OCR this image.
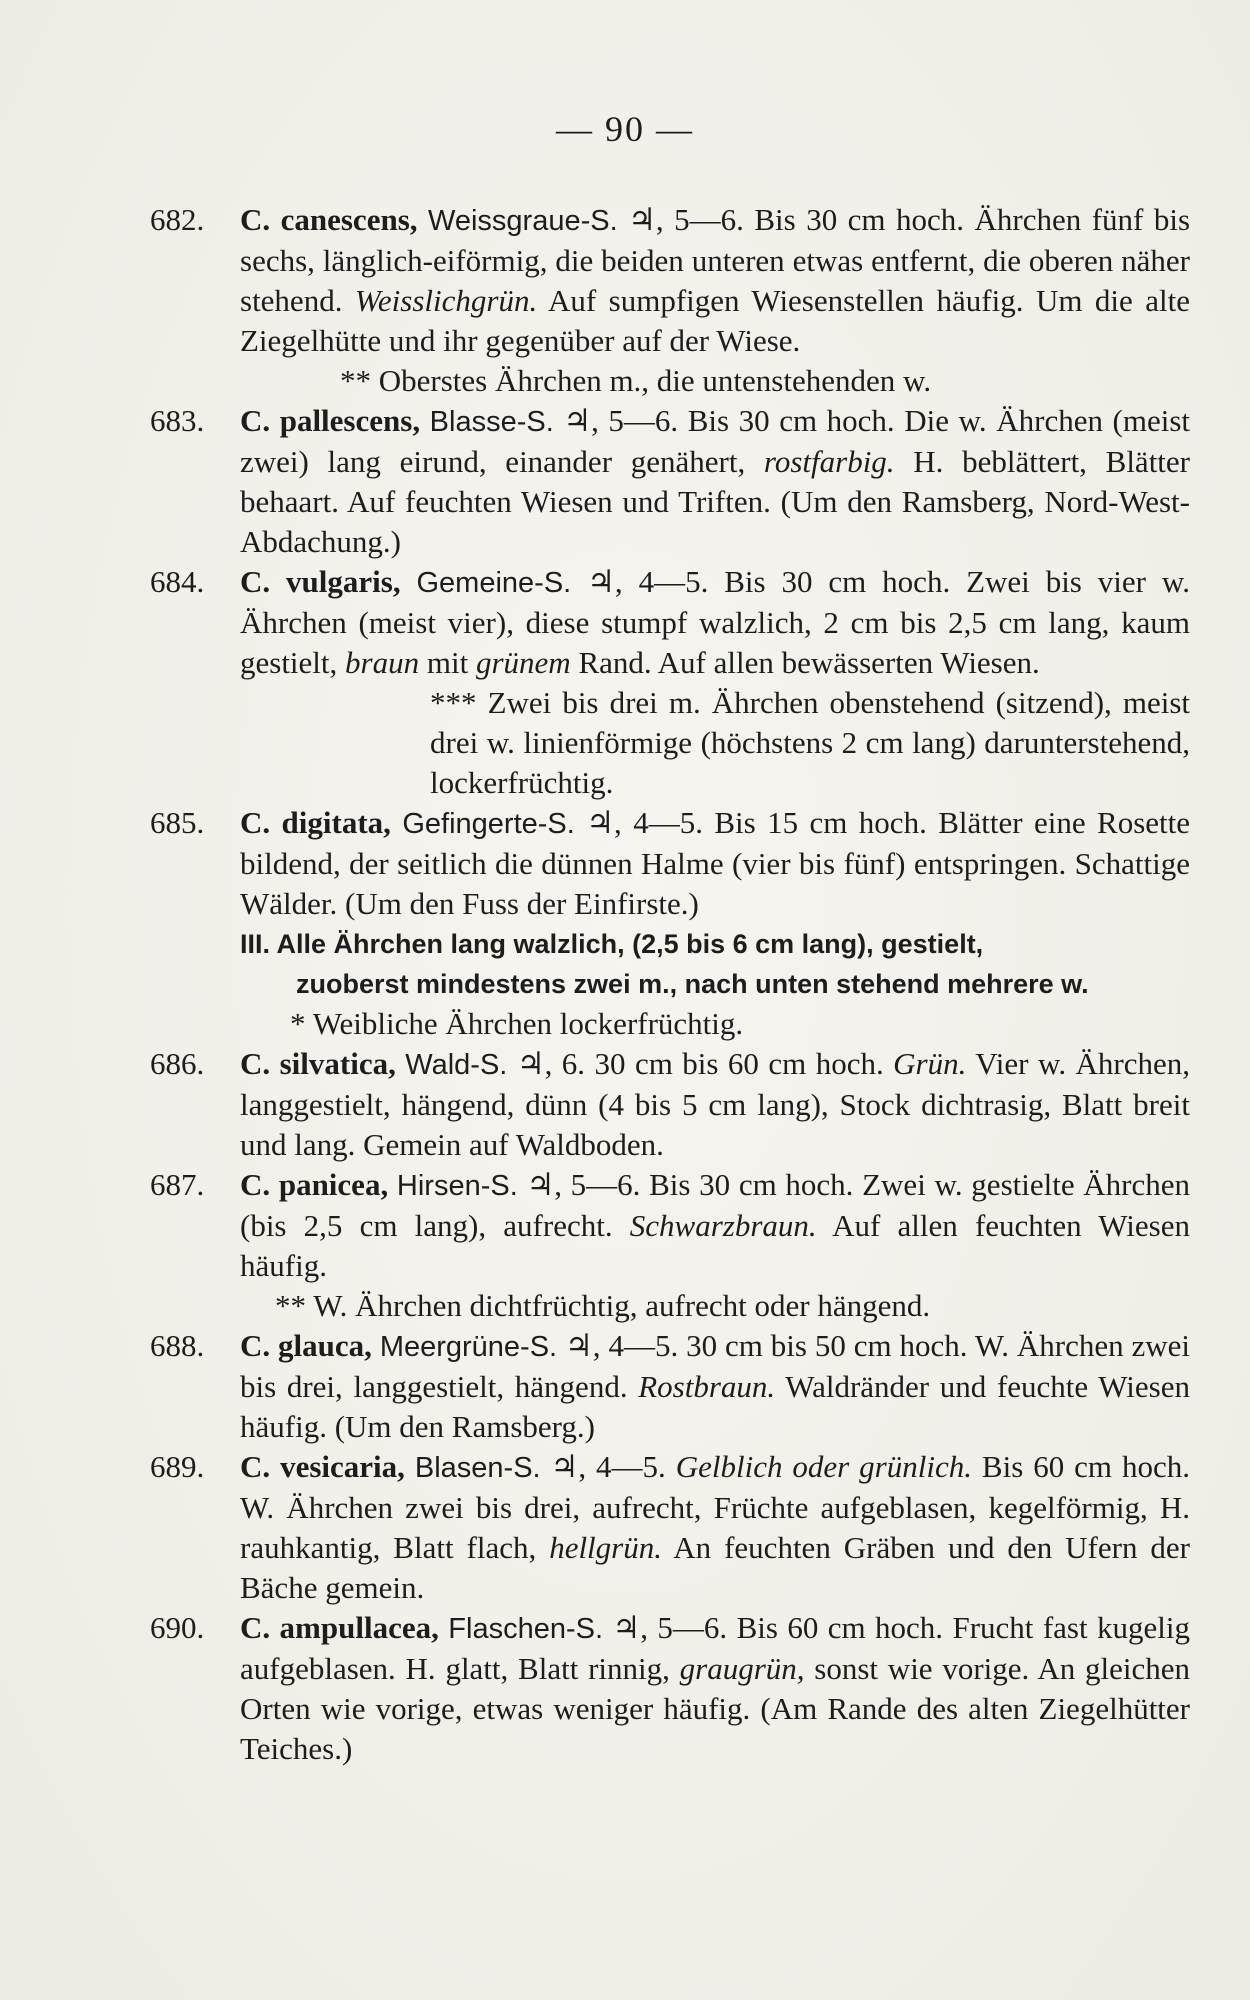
— 90 —
682.	C. canescens, Weissgraue-S. ♃, 5—6. Bis 30 cm hoch. Ährchen fünf bis sechs, länglich-eiförmig, die beiden unteren etwas entfernt, die oberen näher stehend. Weisslichgrün. Auf sumpfigen Wiesenstellen häufig. Um die alte Ziegelhütte und ihr gegenüber auf der Wiese.
** Oberstes Ährchen m., die untenstehenden w.
683.	C. pallescens, Blasse-S. ♃, 5—6. Bis 30 cm hoch. Die w. Ährchen (meist zwei) lang eirund, einander genähert, rostfarbig. H. beblättert, Blätter behaart. Auf feuchten Wiesen und Triften. (Um den Ramsberg, Nord-West-Abdachung.)
684.	C. vulgaris, Gemeine-S. ♃, 4—5. Bis 30 cm hoch. Zwei bis vier w. Ährchen (meist vier), diese stumpf walzlich, 2 cm bis 2,5 cm lang, kaum gestielt, braun mit grünem Rand. Auf allen bewässerten Wiesen.
*** Zwei bis drei m. Ährchen obenstehend (sitzend), meist drei w. linienförmige (höchstens 2 cm lang) darunterstehend, lockerfrüchtig.
685.	C. digitata, Gefingerte-S. ♃, 4—5. Bis 15 cm hoch. Blätter eine Rosette bildend, der seitlich die dünnen Halme (vier bis fünf) entspringen. Schattige Wälder. (Um den Fuss der Einfirste.)
III. Alle Ährchen lang walzlich, (2,5 bis 6 cm lang), gestielt,
zuoberst mindestens zwei m., nach unten stehend mehrere w.
* Weibliche Ährchen lockerfrüchtig.
686.	C. silvatica, Wald-S. ♃, 6. 30 cm bis 60 cm hoch. Grün. Vier w. Ährchen, langgestielt, hängend, dünn (4 bis 5 cm lang), Stock dichtrasig, Blatt breit und lang. Gemein auf Waldboden.
687.	C. panicea, Hirsen-S. ♃, 5—6. Bis 30 cm hoch. Zwei w. gestielte Ährchen (bis 2,5 cm lang), aufrecht. Schwarzbraun. Auf allen feuchten Wiesen häufig.
** W. Ährchen dichtfrüchtig, aufrecht oder hängend.
688.	C. glauca, Meergrüne-S. ♃, 4—5. 30 cm bis 50 cm hoch. W. Ährchen zwei bis drei, langgestielt, hängend. Rostbraun. Waldränder und feuchte Wiesen häufig. (Um den Ramsberg.)
689.	C. vesicaria, Blasen-S. ♃, 4—5. Gelblich oder grünlich. Bis 60 cm hoch. W. Ährchen zwei bis drei, aufrecht, Früchte aufgeblasen, kegelförmig, H. rauhkantig, Blatt flach, hellgrün. An feuchten Gräben und den Ufern der Bäche gemein.
690.	C. ampullacea, Flaschen-S. ♃, 5—6. Bis 60 cm hoch. Frucht fast kugelig aufgeblasen. H. glatt, Blatt rinnig, graugrün, sonst wie vorige. An gleichen Orten wie vorige, etwas weniger häufig. (Am Rande des alten Ziegelhütter Teiches.)
